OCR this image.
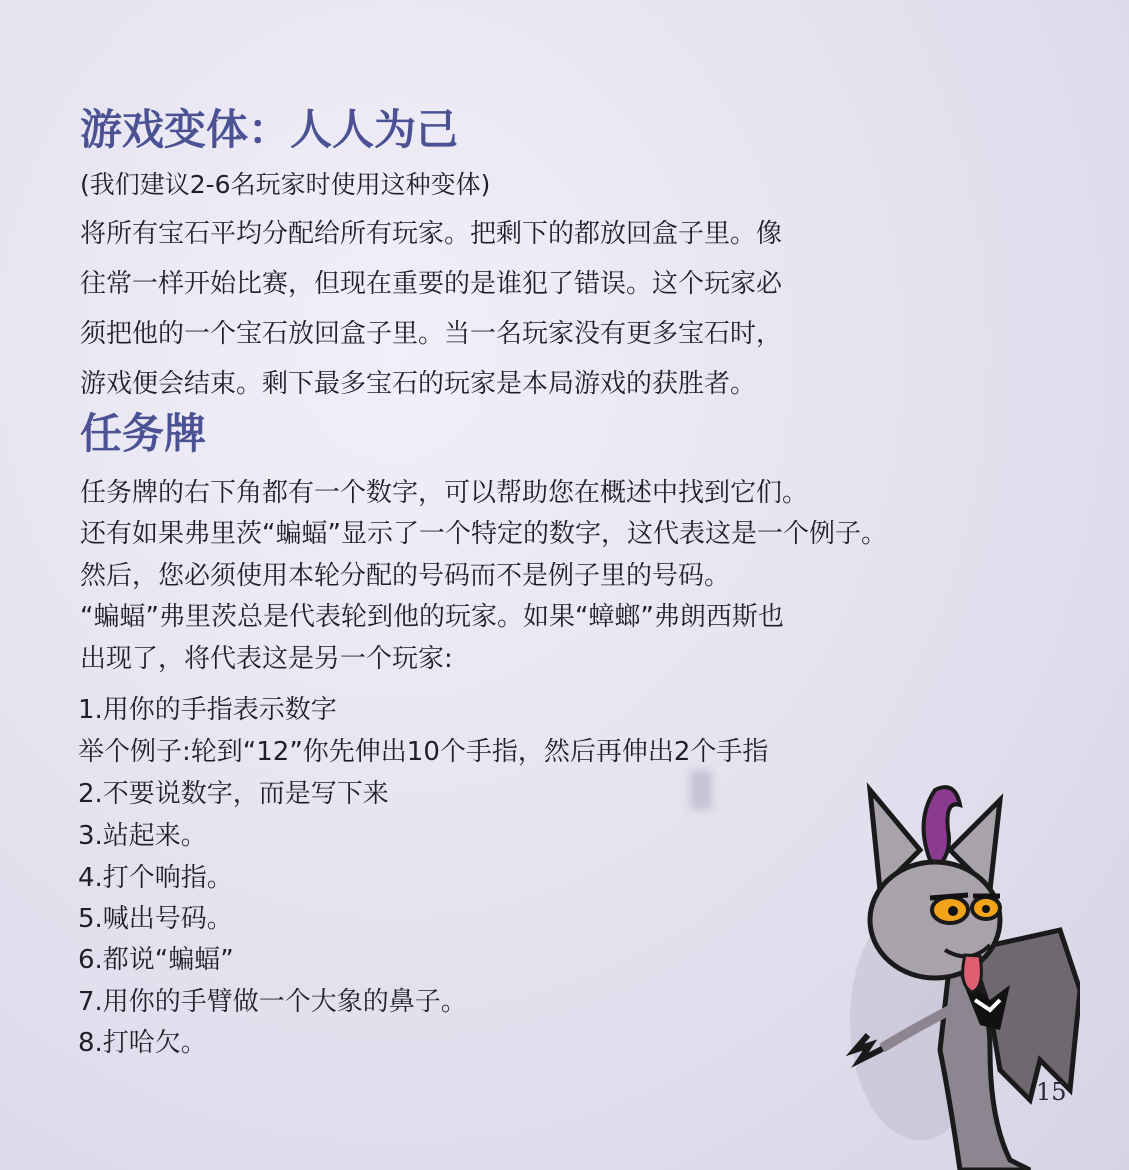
游戏变体：人人为己

(我们建议2-6名玩家时使用这种变体)

将所有宝石平均分配给所有玩家。把剩下的都放回盒子里。像

往常一样开始比赛，但现在重要的是谁犯了错误。这个玩家必

须把他的一个宝石放回盒子里。当一名玩家没有更多宝石时，

游戏便会结束。剩下最多宝石的玩家是本局游戏的获胜者。

任务牌

任务牌的右下角都有一个数字，可以帮助您在概述中找到它们。

还有如果弗里茨“蝙蝠”显示了一个特定的数字，这代表这是一个例子。

然后，您必须使用本轮分配的号码而不是例子里的号码。

“蝙蝠”弗里茨总是代表轮到他的玩家。如果“蟑螂”弗朗西斯也

出现了，将代表这是另一个玩家:

1.用你的手指表示数字

举个例子:轮到“12”你先伸出10个手指，然后再伸出2个手指

2.不要说数字，而是写下来

3.站起来。

4.打个响指。

5.喊出号码。

6.都说“蝙蝠”

7.用你的手臂做一个大象的鼻子。

8.打哈欠。

15
